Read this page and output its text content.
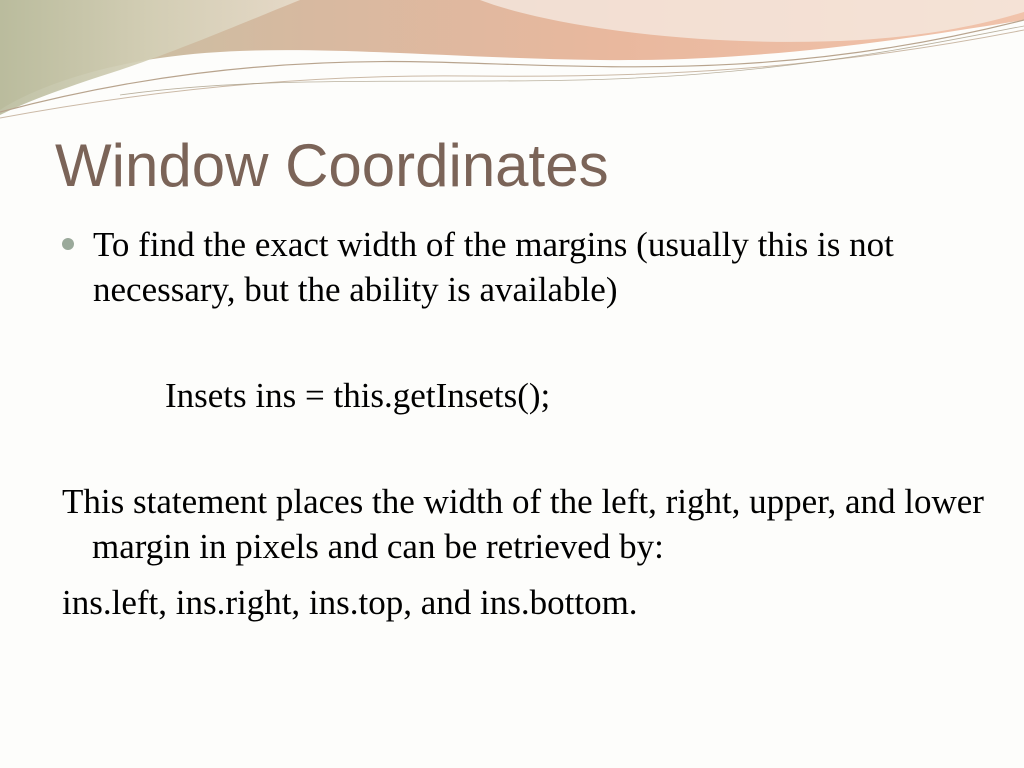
Window Coordinates
To find the exact width of the margins (usually this is not necessary, but the ability is available)
Insets ins = this.getInsets();
This statement places the width of the left, right, upper, and lower margin in pixels and can be retrieved by:
ins.left, ins.right, ins.top, and ins.bottom.
